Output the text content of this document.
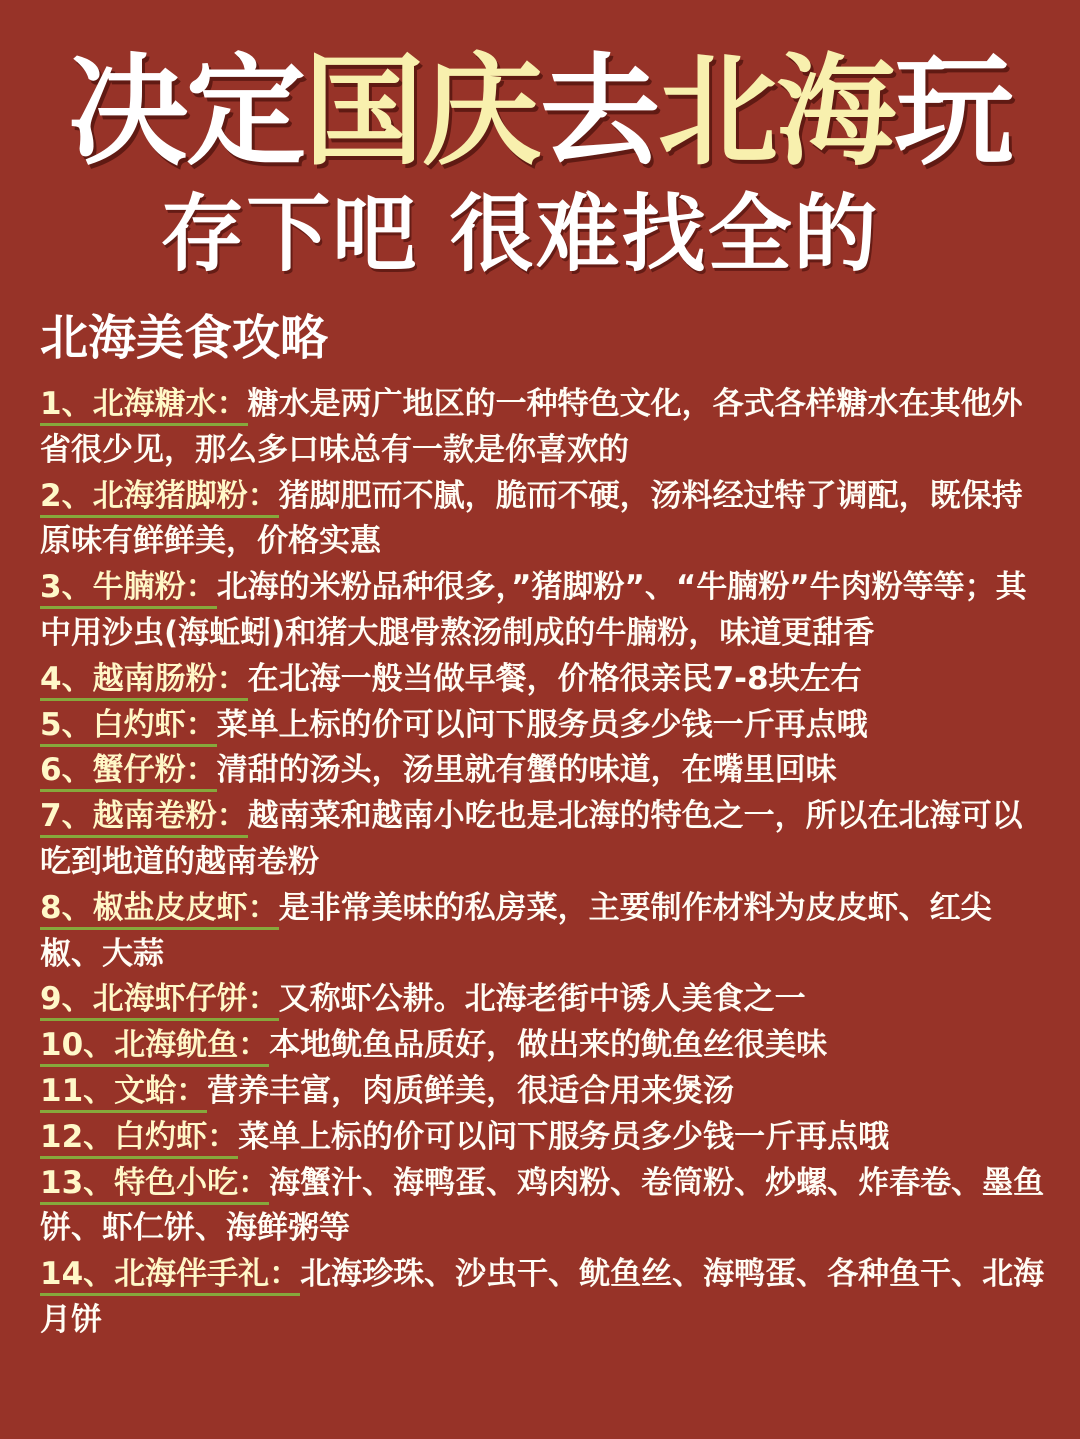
决定国庆去北海玩
存下吧 很难找全的
北海美食攻略
1、北海糖水：糖水是两广地区的一种特色文化，各式各样糖水在其他外省很少见，那么多口味总有一款是你喜欢的
2、北海猪脚粉：猪脚肥而不腻，脆而不硬，汤料经过特了调配，既保持原味有鲜鲜美，价格实惠
3、牛腩粉：北海的米粉品种很多，”猪脚粉”、“牛腩粉”牛肉粉等等；其中用沙虫(海蚯蚓)和猪大腿骨熬汤制成的牛腩粉，味道更甜香
4、越南肠粉：在北海一般当做早餐，价格很亲民7-8块左右
5、白灼虾：菜单上标的价可以问下服务员多少钱一斤再点哦
6、蟹仔粉：清甜的汤头，汤里就有蟹的味道，在嘴里回味
7、越南卷粉：越南菜和越南小吃也是北海的特色之一，所以在北海可以吃到地道的越南卷粉
8、椒盐皮皮虾：是非常美味的私房菜，主要制作材料为皮皮虾、红尖椒、大蒜
9、北海虾仔饼：又称虾公耕。北海老街中诱人美食之一
10、北海鱿鱼：本地鱿鱼品质好，做出来的鱿鱼丝很美味
11、文蛤：营养丰富，肉质鲜美，很适合用来煲汤
12、白灼虾：菜单上标的价可以问下服务员多少钱一斤再点哦
13、特色小吃：海蟹汁、海鸭蛋、鸡肉粉、卷筒粉、炒螺、炸春卷、墨鱼饼、虾仁饼、海鲜粥等
14、北海伴手礼：北海珍珠、沙虫干、鱿鱼丝、海鸭蛋、各种鱼干、北海月饼
